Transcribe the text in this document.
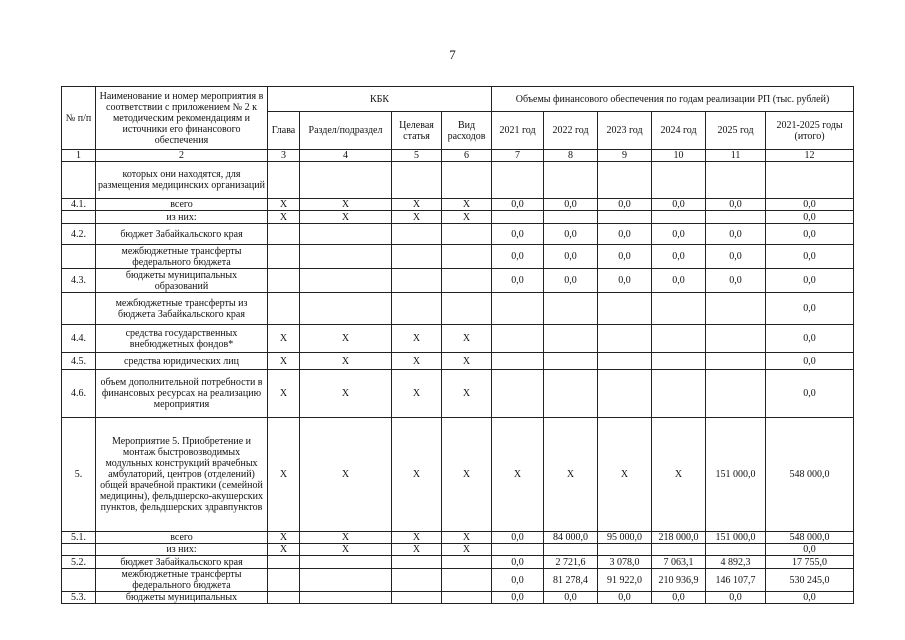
7
№ п/п	Наименование и номер мероприятия в соответствии с приложением № 2 к методическим рекомендациям и источники его финансового обеспечения	КБК				Объемы финансового обеспечения по годам реализации РП (тыс. рублей)					
		Глава	Раздел/подраздел	Целевая статья	Вид расходов	2021 год	2022 год	2023 год	2024 год	2025 год	2021-2025 годы (итого)
1	2	3	4	5	6	7	8	9	10	11	12
	которых они находятся, для размещения медицинских организаций										
4.1.	всего	X	X	X	X	0,0	0,0	0,0	0,0	0,0	0,0
	из них:	X	X	X	X						0,0
4.2.	бюджет Забайкальского края					0,0	0,0	0,0	0,0	0,0	0,0
	межбюджетные трансферты федерального бюджета					0,0	0,0	0,0	0,0	0,0	0,0
4.3.	бюджеты муниципальных образований					0,0	0,0	0,0	0,0	0,0	0,0
	межбюджетные трансферты из бюджета Забайкальского края										0,0
4.4.	средства государственных внебюджетных фондов*	X	X	X	X						0,0
4.5.	средства юридических лиц	X	X	X	X						0,0
4.6.	объем дополнительной потребности в финансовых ресурсах на реализацию мероприятия	X	X	X	X						0,0
5.	Мероприятие 5. Приобретение и монтаж быстровозводимых модульных конструкций врачебных амбулаторий, центров (отделений) общей врачебной практики (семейной медицины), фельдшерско-акушерских пунктов, фельдшерских здравпунктов	X	X	X	X	X	X	X	X	151 000,0	548 000,0
5.1.	всего	X	X	X	X	0,0	84 000,0	95 000,0	218 000,0	151 000,0	548 000,0
	из них:	X	X	X	X						0,0
5.2.	бюджет Забайкальского края					0,0	2 721,6	3 078,0	7 063,1	4 892,3	17 755,0
	межбюджетные трансферты федерального бюджета					0,0	81 278,4	91 922,0	210 936,9	146 107,7	530 245,0
5.3.	бюджеты муниципальных					0,0	0,0	0,0	0,0	0,0	0,0
